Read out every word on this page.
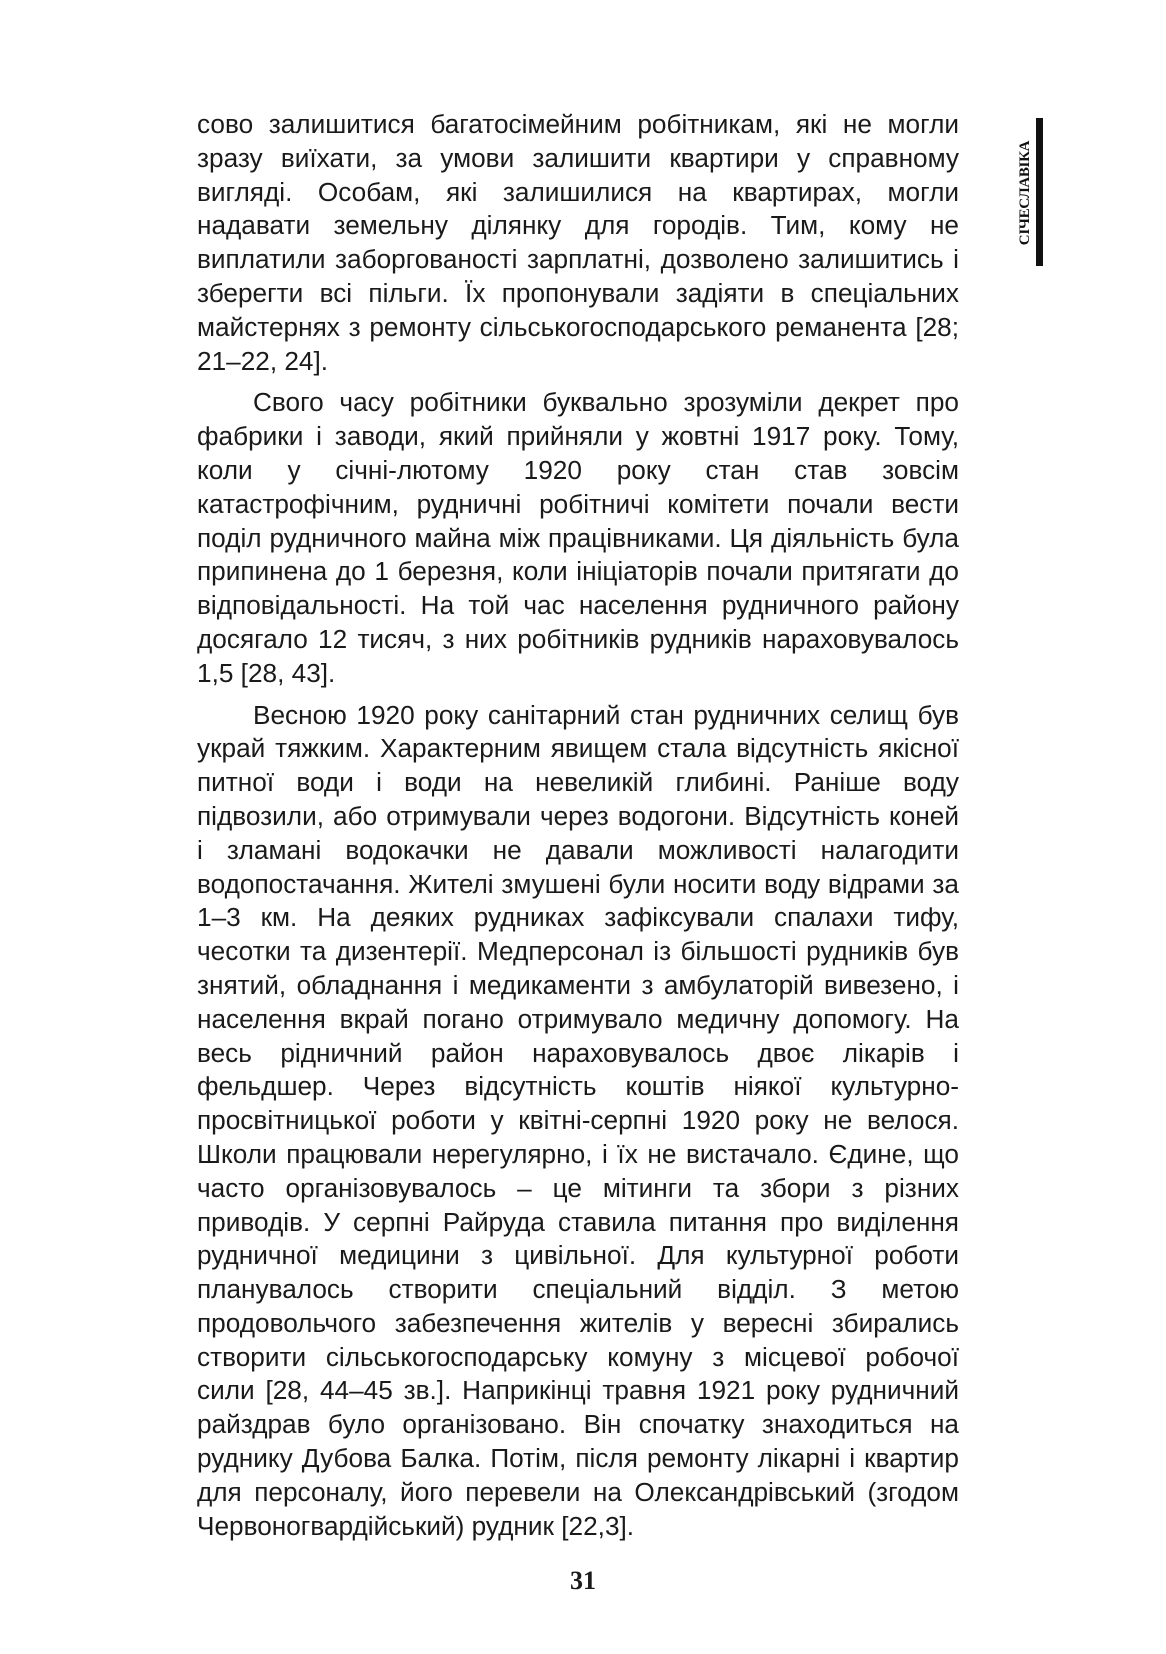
СІЧЕСЛАВІКА

сово залишитися багатосімейним робітникам, які не могли зразу виїхати, за умови залишити квартири у справному вигляді. Особам, які залишилися на квартирах, могли надавати земельну ділянку для городів. Тим, кому не виплатили заборгованості зарплатні, дозволено залишитись і зберегти всі пільги. Їх пропонували задіяти в спеціальних майстернях з ремонту сільськогосподарського реманента [28; 21–22, 24].

Свого часу робітники буквально зрозуміли декрет про фабрики і заводи, який прийняли у жовтні 1917 року. Тому, коли у січні-лютому 1920 року стан став зовсім катастрофічним, рудничні робітничі комітети почали вести поділ рудничного майна між працівниками. Ця діяльність була припинена до 1 березня, коли ініціаторів почали притягати до відповідальності. На той час населення рудничного району досягало 12 тисяч, з них робітників рудників нараховувалось 1,5 [28, 43].

Весною 1920 року санітарний стан рудничних селищ був украй тяжким. Характерним явищем стала відсутність якісної питної води і води на невеликій глибині. Раніше воду підвозили, або отримували через водогони. Відсутність коней і зламані водокачки не давали можливості налагодити водопостачання. Жителі змушені були носити воду відрами за 1–3 км. На деяких рудниках зафіксували спалахи тифу, чесотки та дизентерії. Медперсонал із більшості рудників був знятий, обладнання і медикаменти з амбулаторій вивезено, і населення вкрай погано отримувало медичну допомогу. На весь рідничний район нараховувалось двоє лікарів і фельдшер. Через відсутність коштів ніякої культурно-просвітницької роботи у квітні-серпні 1920 року не велося. Школи працювали нерегулярно, і їх не вистачало. Єдине, що часто організовувалось – це мітинги та збори з різних приводів. У серпні Райруда ставила питання про виділення рудничної медицини з цивільної. Для культурної роботи планувалось створити спеціальний відділ. З метою продовольчого забезпечення жителів у вересні збирались створити сільськогосподарську комуну з місцевої робочої сили [28, 44–45 зв.]. Наприкінці травня 1921 року рудничний райздрав було організовано. Він спочатку знаходиться на руднику Дубова Балка. Потім, після ремонту лікарні і квартир для персоналу, його перевели на Олександрівський (згодом Червоногвардійський) рудник [22,3].

31
